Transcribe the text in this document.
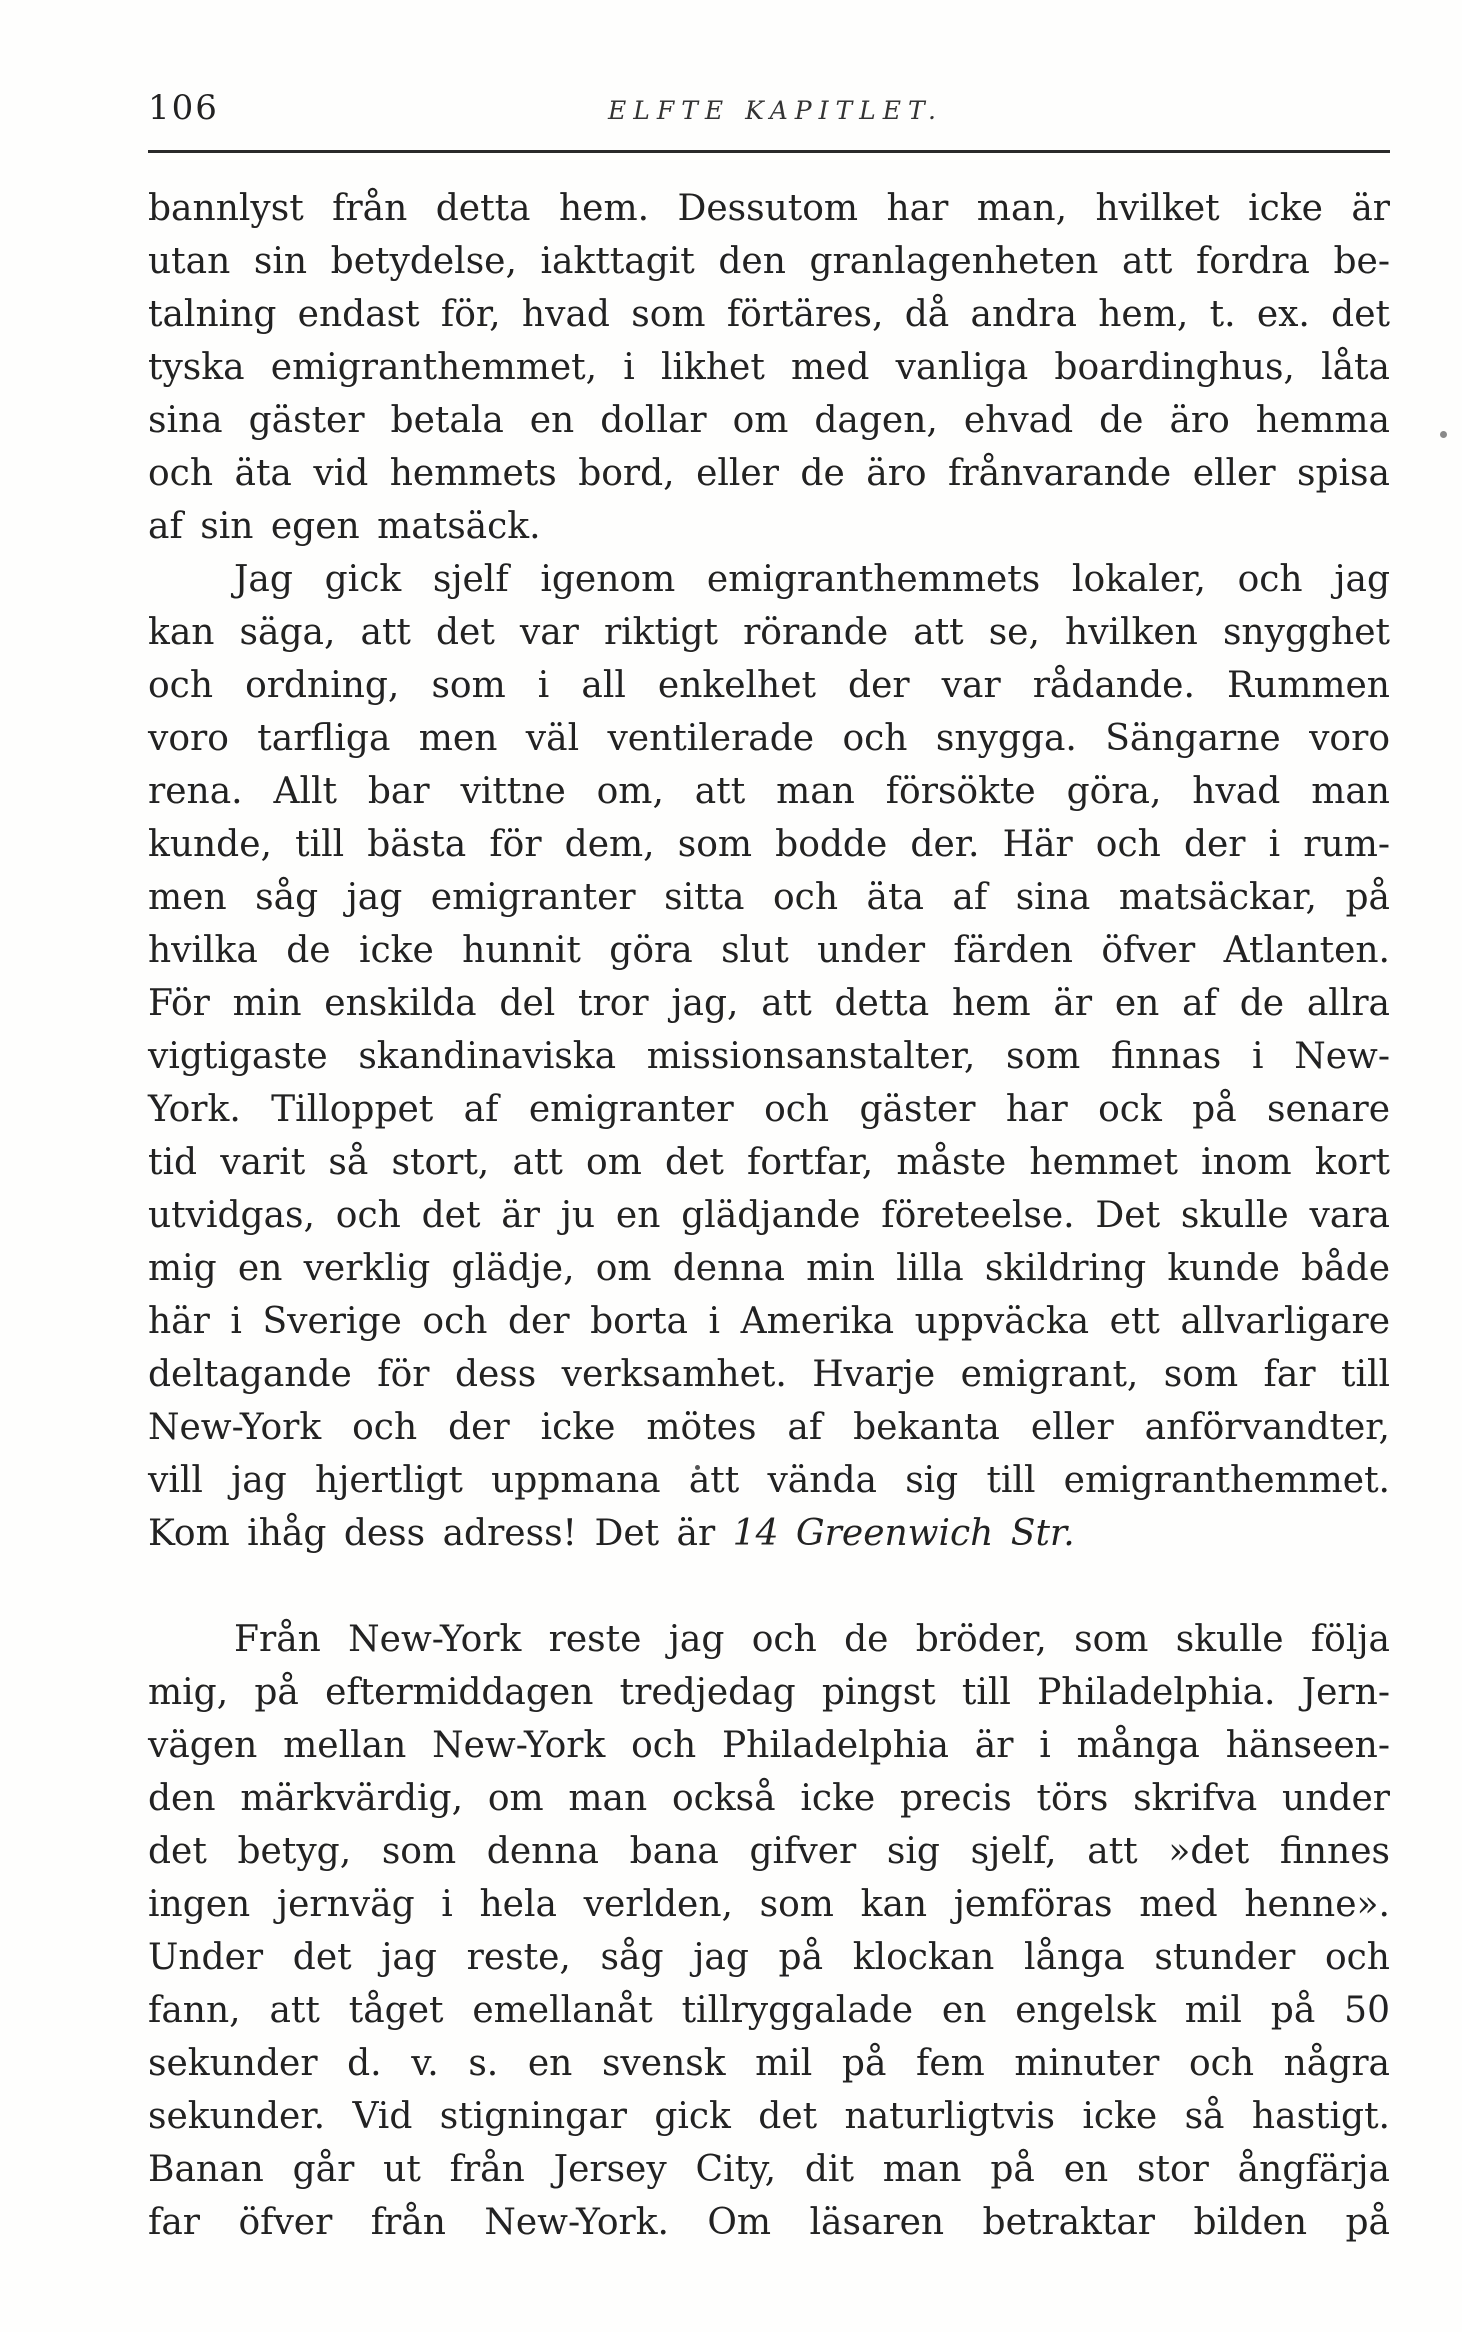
106	ELFTE KAPITLET.
bannlyst från detta hem. Dessutom har man, hvilket icke är
utan sin betydelse, iakttagit den granlagenheten att fordra be-
talning endast för, hvad som förtäres, då andra hem, t. ex. det
tyska emigranthemmet, i likhet med vanliga boardinghus, låta
sina gäster betala en dollar om dagen, ehvad de äro hemma
och äta vid hemmets bord, eller de äro frånvarande eller spisa
af sin egen matsäck.
Jag gick sjelf igenom emigranthemmets lokaler, och jag
kan säga, att det var riktigt rörande att se, hvilken snygghet
och ordning, som i all enkelhet der var rådande. Rummen
voro tarfliga men väl ventilerade och snygga. Sängarne voro
rena. Allt bar vittne om, att man försökte göra, hvad man
kunde, till bästa för dem, som bodde der. Här och der i rum-
men såg jag emigranter sitta och äta af sina matsäckar, på
hvilka de icke hunnit göra slut under färden öfver Atlanten.
För min enskilda del tror jag, att detta hem är en af de allra
vigtigaste skandinaviska missionsanstalter, som finnas i New-
York. Tilloppet af emigranter och gäster har ock på senare
tid varit så stort, att om det fortfar, måste hemmet inom kort
utvidgas, och det är ju en glädjande företeelse. Det skulle vara
mig en verklig glädje, om denna min lilla skildring kunde både
här i Sverige och der borta i Amerika uppväcka ett allvarligare
deltagande för dess verksamhet. Hvarje emigrant, som far till
New-York och der icke mötes af bekanta eller anförvandter,
vill jag hjertligt uppmana att vända sig till emigranthemmet.
Kom ihåg dess adress! Det är 14 Greenwich Str.
Från New-York reste jag och de bröder, som skulle följa
mig, på eftermiddagen tredjedag pingst till Philadelphia. Jern-
vägen mellan New-York och Philadelphia är i många hänseen-
den märkvärdig, om man också icke precis törs skrifva under
det betyg, som denna bana gifver sig sjelf, att »det finnes
ingen jernväg i hela verlden, som kan jemföras med henne».
Under det jag reste, såg jag på klockan långa stunder och
fann, att tåget emellanåt tillryggalade en engelsk mil på 50
sekunder d. v. s. en svensk mil på fem minuter och några
sekunder. Vid stigningar gick det naturligtvis icke så hastigt.
Banan går ut från Jersey City, dit man på en stor ångfärja
far öfver från New-York. Om läsaren betraktar bilden på
